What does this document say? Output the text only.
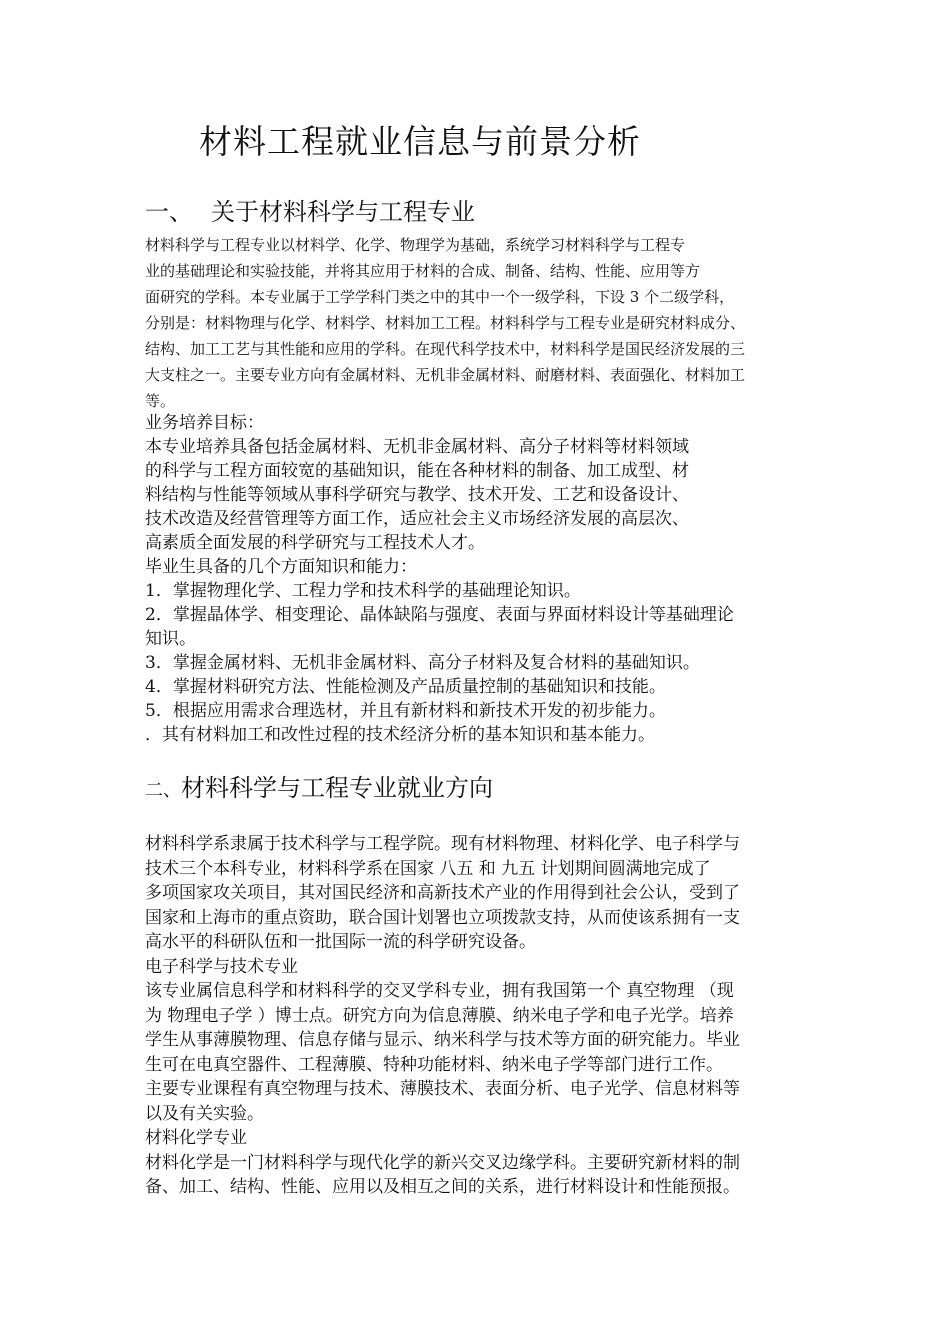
材料工程就业信息与前景分析
一、 关于材料科学与工程专业
材料科学与工程专业以材料学、化学、物理学为基础，系统学习材料科学与工程专
业的基础理论和实验技能，并将其应用于材料的合成、制备、结构、性能、应用等方
面研究的学科。本专业属于工学学科门类之中的其中一个一级学科，下设 3 个二级学科，
分别是：材料物理与化学、材料学、材料加工工程。材料科学与工程专业是研究材料成分、
结构、加工工艺与其性能和应用的学科。在现代科学技术中，材料科学是国民经济发展的三
大支柱之一。主要专业方向有金属材料、无机非金属材料、耐磨材料、表面强化、材料加工
等。
业务培养目标：
本专业培养具备包括金属材料、无机非金属材料、高分子材料等材料领域
的科学与工程方面较宽的基础知识，能在各种材料的制备、加工成型、材
料结构与性能等领域从事科学研究与教学、技术开发、工艺和设备设计、
技术改造及经营管理等方面工作，适应社会主义市场经济发展的高层次、
高素质全面发展的科学研究与工程技术人才。
毕业生具备的几个方面知识和能力：
1．掌握物理化学、工程力学和技术科学的基础理论知识。
2．掌握晶体学、相变理论、晶体缺陷与强度、表面与界面材料设计等基础理论
知识。
3．掌握金属材料、无机非金属材料、高分子材料及复合材料的基础知识。
4．掌握材料研究方法、性能检测及产品质量控制的基础知识和技能。
5．根据应用需求合理选材，并且有新材料和新技术开发的初步能力。
．其有材料加工和改性过程的技术经济分析的基本知识和基本能力。
二、材料科学与工程专业就业方向
材料科学系隶属于技术科学与工程学院。现有材料物理、材料化学、电子科学与
技术三个本科专业，材料科学系在国家 八五 和 九五 计划期间圆满地完成了
多项国家攻关项目，其对国民经济和高新技术产业的作用得到社会公认，受到了
国家和上海市的重点资助，联合国计划署也立项拨款支持，从而使该系拥有一支
高水平的科研队伍和一批国际一流的科学研究设备。
电子科学与技术专业
该专业属信息科学和材料科学的交叉学科专业，拥有我国第一个 真空物理 （现
为 物理电子学 ）博士点。研究方向为信息薄膜、纳米电子学和电子光学。培养
学生从事薄膜物理、信息存储与显示、纳米科学与技术等方面的研究能力。毕业
生可在电真空器件、工程薄膜、特种功能材料、纳米电子学等部门进行工作。
主要专业课程有真空物理与技术、薄膜技术、表面分析、电子光学、信息材料等
以及有关实验。
材料化学专业
材料化学是一门材料科学与现代化学的新兴交叉边缘学科。主要研究新材料的制
备、加工、结构、性能、应用以及相互之间的关系，进行材料设计和性能预报。
